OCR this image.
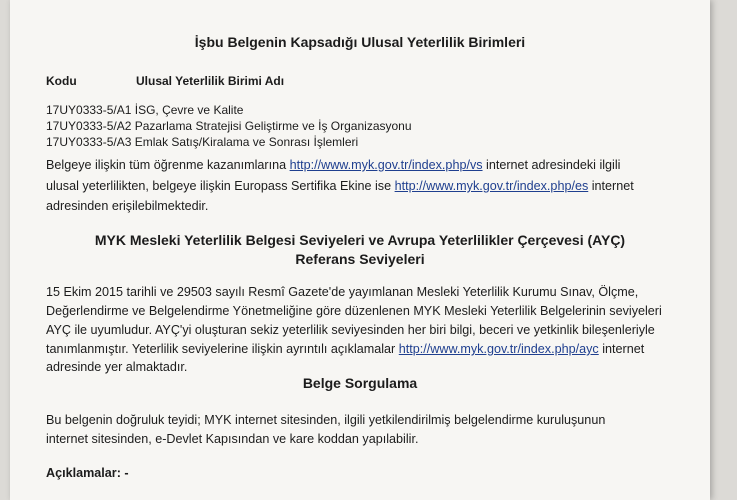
İşbu Belgenin Kapsadığı Ulusal Yeterlilik Birimleri
Kodu	Ulusal Yeterlilik Birimi Adı
17UY0333-5/A1 İSG, Çevre ve Kalite
17UY0333-5/A2 Pazarlama Stratejisi Geliştirme ve İş Organizasyonu
17UY0333-5/A3 Emlak Satış/Kiralama ve Sonrası İşlemleri
Belgeye ilişkin tüm öğrenme kazanımlarına http://www.myk.gov.tr/index.php/vs internet adresindeki ilgili
ulusal yeterlilikten, belgeye ilişkin Europass Sertifika Ekine ise http://www.myk.gov.tr/index.php/es internet
adresinden erişilebilmektedir.
MYK Mesleki Yeterlilik Belgesi Seviyeleri ve Avrupa Yeterlilikler Çerçevesi (AYÇ)
Referans Seviyeleri
15 Ekim 2015 tarihli ve 29503 sayılı Resmî Gazete'de yayımlanan Mesleki Yeterlilik Kurumu Sınav, Ölçme,
Değerlendirme ve Belgelendirme Yönetmeliğine göre düzenlenen MYK Mesleki Yeterlilik Belgelerinin seviyeleri
AYÇ ile uyumludur. AYÇ'yi oluşturan sekiz yeterlilik seviyesinden her biri bilgi, beceri ve yetkinlik bileşenleriyle
tanımlanmıştır. Yeterlilik seviyelerine ilişkin ayrıntılı açıklamalar http://www.myk.gov.tr/index.php/ayc internet
adresinde yer almaktadır.
Belge Sorgulama
Bu belgenin doğruluk teyidi; MYK internet sitesinden, ilgili yetkilendirilmiş belgelendirme kuruluşunun
internet sitesinden, e-Devlet Kapısından ve kare koddan yapılabilir.
Açıklamalar: -
